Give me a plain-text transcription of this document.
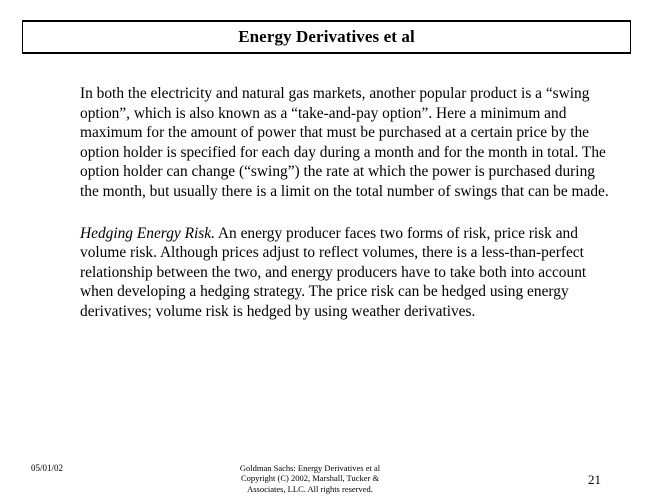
Energy Derivatives et al

In both the electricity and natural gas markets, another popular product is a “swing option”, which is also known as a “take-and-pay option”. Here a minimum and maximum for the amount of power that must be purchased at a certain price by the option holder is specified for each day during a month and for the month in total. The option holder can change (“swing”) the rate at which the power is purchased during the month, but usually there is a limit on the total number of swings that can be made.

Hedging Energy Risk. An energy producer faces two forms of risk, price risk and volume risk. Although prices adjust to reflect volumes, there is a less-than-perfect relationship between the two, and energy producers have to take both into account when developing a hedging strategy. The price risk can be hedged using energy derivatives; volume risk is hedged by using weather derivatives.

05/01/02	Goldman Sachs: Energy Derivatives et al
Copyright (C) 2002, Marshall, Tucker &
Associates, LLC. All rights reserved.
21
